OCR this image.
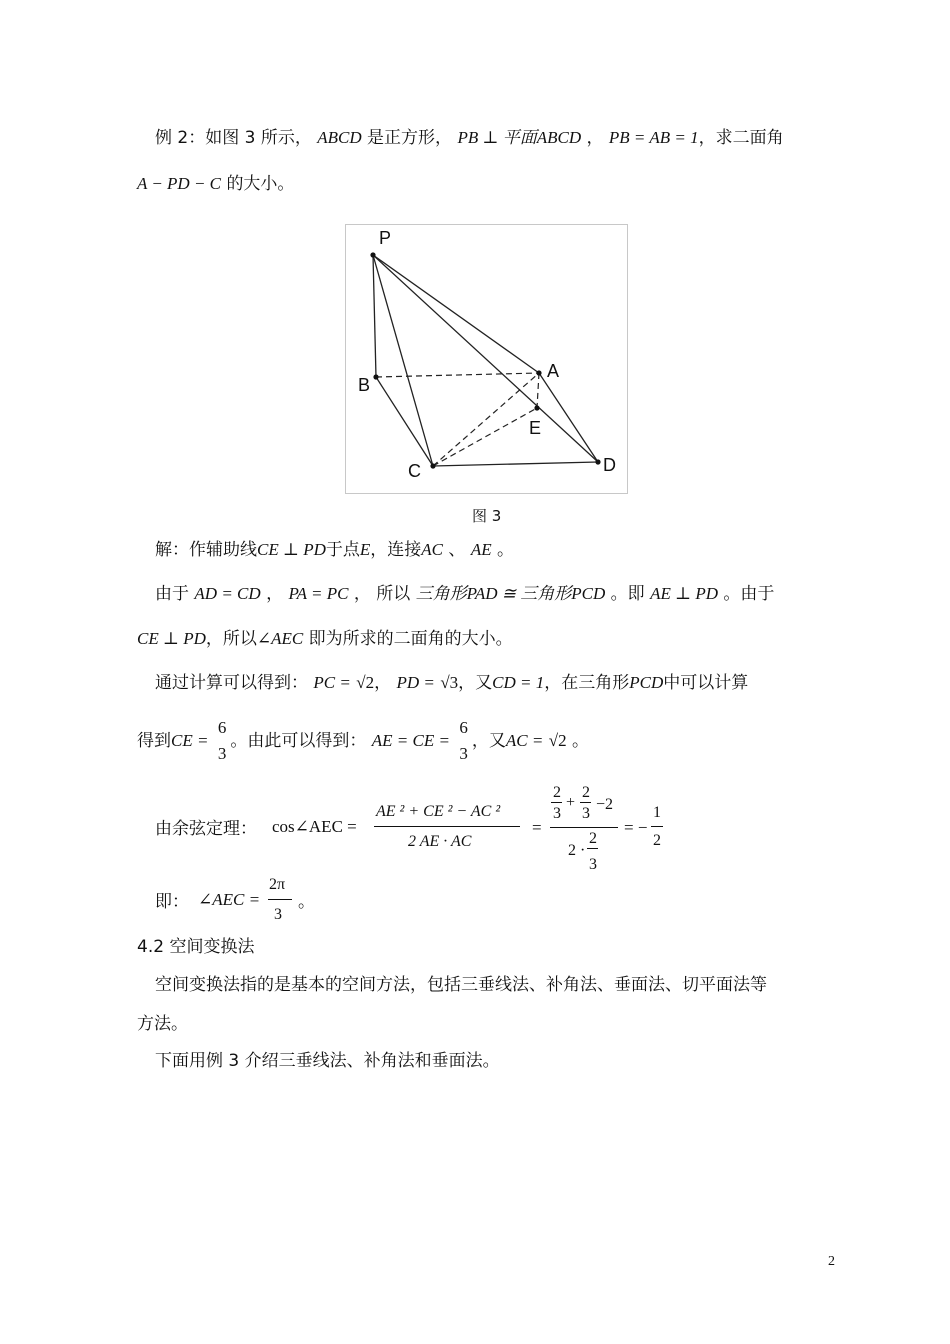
例 2：如图 3 所示， ABCD 是正方形， PB ⊥ 平面ABCD ， PB = AB = 1，求二面角
A − PD − C 的大小。
P
B
A
E
C	D
图 3
解：作辅助线CE ⊥ PD于点E，连接AC 、 AE 。
由于 AD = CD ， PA = PC ， 所以 三角形PAD ≅ 三角形PCD 。即 AE ⊥ PD 。由于
CE ⊥ PD，所以∠AEC 即为所求的二面角的大小。
通过计算可以得到： PC = √2， PD = √3，又CD = 1，在三角形PCD中可以计算
得到CE =
6
3
。由此可以得到： AE = CE =
6
3
，又AC = √2 。
由余弦定理： cos∠AEC =
AE ² + CE ² − AC ²
2 AE · AC
=
2
3
+
2
3
−2
2 ·
2
3
= −
1
2
即： ∠AEC =
2π
3
。
4.2 空间变换法
空间变换法指的是基本的空间方法，包括三垂线法、补角法、垂面法、切平面法等
方法。
下面用例 3 介绍三垂线法、补角法和垂面法。
2
